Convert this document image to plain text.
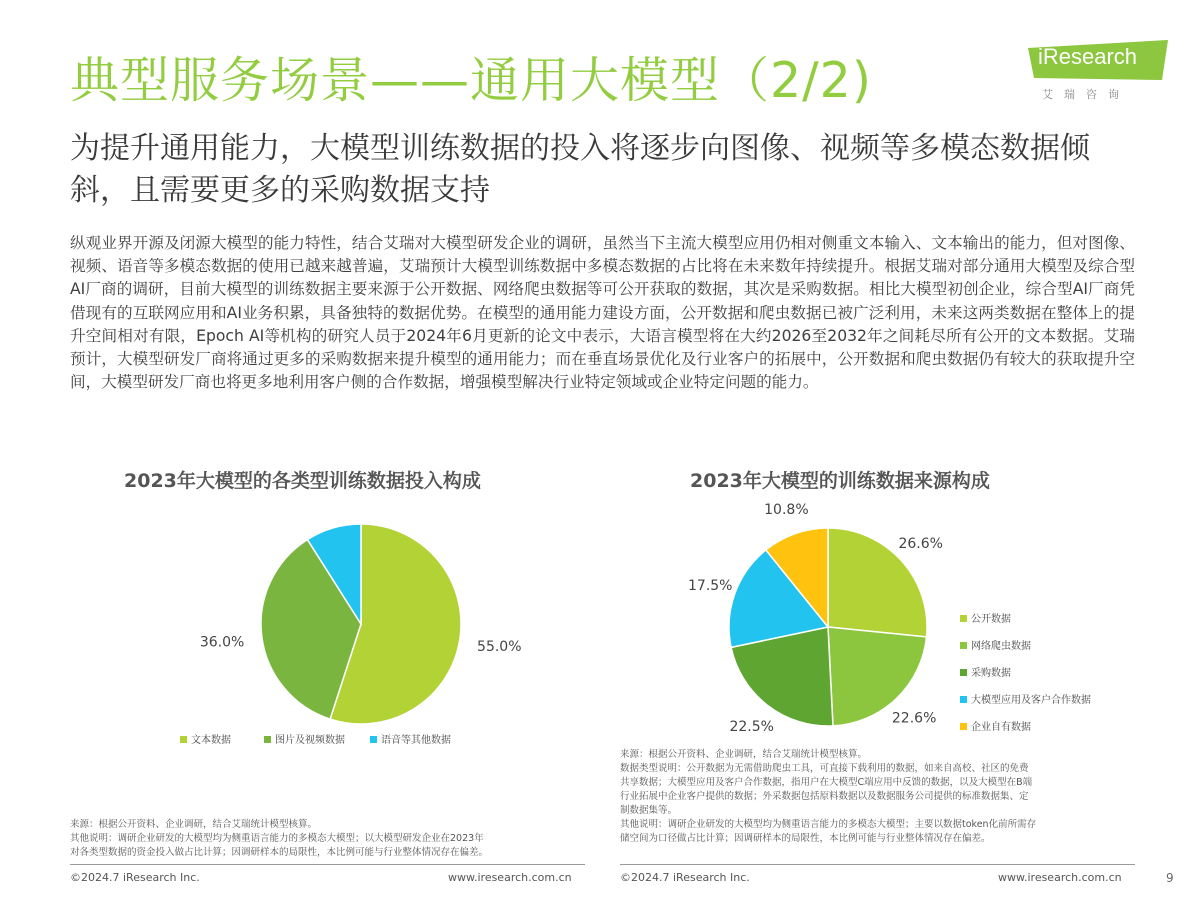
典型服务场景——通用大模型（2/2)	iResearch
艾瑞咨询
为提升通用能力，大模型训练数据的投入将逐步向图像、视频等多模态数据倾斜，且需要更多的采购数据支持
纵观业界开源及闭源大模型的能力特性，结合艾瑞对大模型研发企业的调研，虽然当下主流大模型应用仍相对侧重文本输入、文本输出的能力，但对图像、视频、语音等多模态数据的使用已越来越普遍，艾瑞预计大模型训练数据中多模态数据的占比将在未来数年持续提升。根据艾瑞对部分通用大模型及综合型AI厂商的调研，目前大模型的训练数据主要来源于公开数据、网络爬虫数据等可公开获取的数据，其次是采购数据。相比大模型初创企业，综合型AI厂商凭借现有的互联网应用和AI业务积累，具备独特的数据优势。在模型的通用能力建设方面，公开数据和爬虫数据已被广泛利用，未来这两类数据在整体上的提升空间相对有限，Epoch AI等机构的研究人员于2024年6月更新的论文中表示，大语言模型将在大约2026至2032年之间耗尽所有公开的文本数据。艾瑞预计，大模型研发厂商将通过更多的采购数据来提升模型的通用能力；而在垂直场景优化及行业客户的拓展中，公开数据和爬虫数据仍有较大的获取提升空间，大模型研发厂商也将更多地利用客户侧的合作数据，增强模型解决行业特定领域或企业特定问题的能力。
2023年大模型的各类型训练数据投入构成
55.0%
36.0%
文本数据	图片及视频数据	语音等其他数据
2023年大模型的训练数据来源构成
26.6%
22.6%
22.5%
17.5%
10.8%
公开数据
网络爬虫数据
采购数据
大模型应用及客户合作数据
企业自有数据
来源：根据公开资料、企业调研，结合艾瑞统计模型核算。
其他说明：调研企业研发的大模型均为侧重语言能力的多模态大模型；以大模型研发企业在2023年
对各类型数据的资金投入做占比计算；因调研样本的局限性，本比例可能与行业整体情况存在偏差。
来源：根据公开资料、企业调研，结合艾瑞统计模型核算。
数据类型说明：公开数据为无需借助爬虫工具，可直接下载利用的数据，如来自高校、社区的免费
共享数据；大模型应用及客户合作数据，指用户在大模型C端应用中反馈的数据，以及大模型在B端
行业拓展中企业客户提供的数据；外采数据包括原料数据以及数据服务公司提供的标准数据集、定
制数据集等。
其他说明：调研企业研发的大模型均为侧重语言能力的多模态大模型；主要以数据token化前所需存
储空间为口径做占比计算；因调研样本的局限性，本比例可能与行业整体情况存在偏差。
©2024.7 iResearch Inc.	www.iresearch.com.cn	©2024.7 iResearch Inc.	www.iresearch.com.cn	9
